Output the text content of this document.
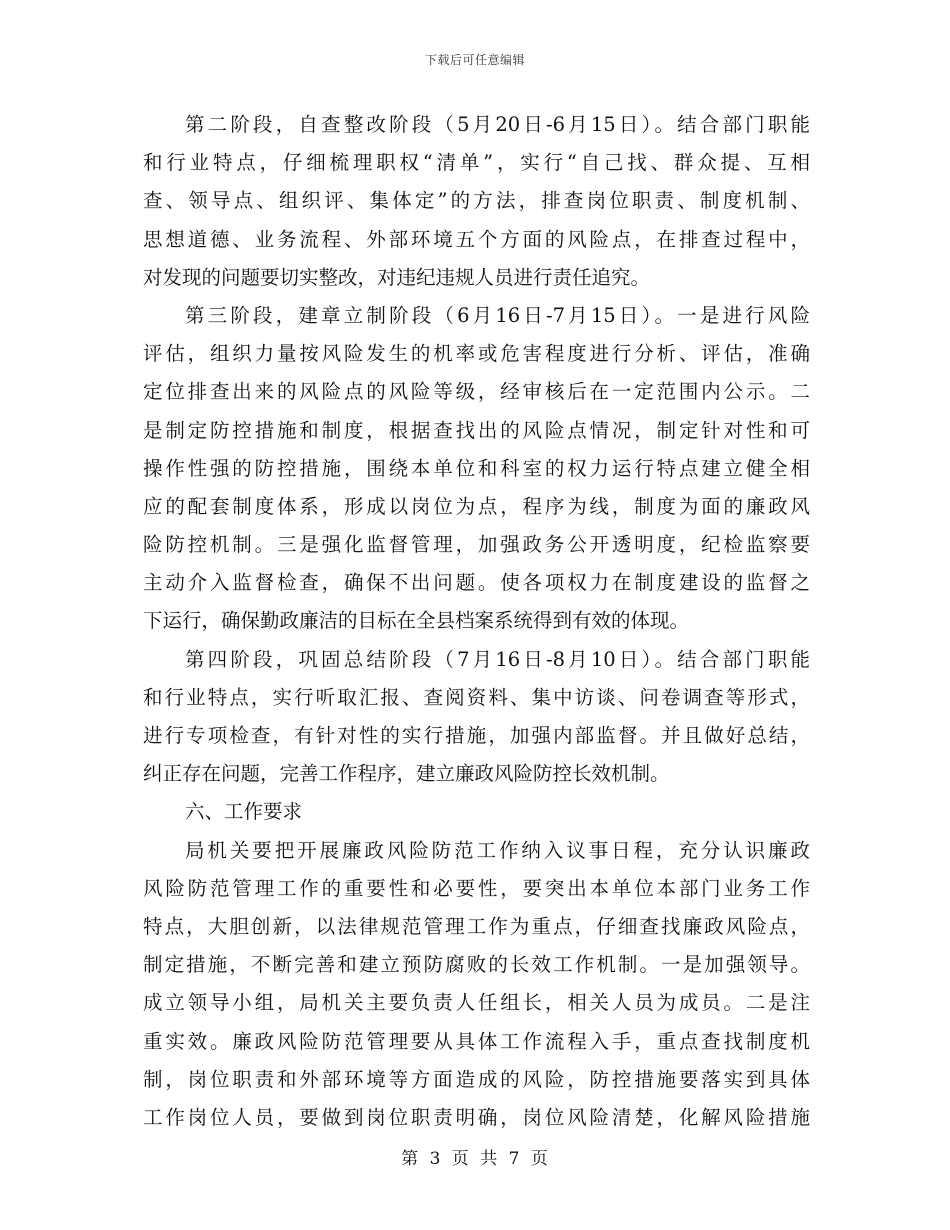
下载后可任意编辑
第二阶段，自查整改阶段（5月20日-6月15日）。结合部门职能
和行业特点，仔细梳理职权“清单”，实行“自己找、群众提、互相
查、领导点、组织评、集体定”的方法，排查岗位职责、制度机制、
思想道德、业务流程、外部环境五个方面的风险点，在排查过程中，
对发现的问题要切实整改，对违纪违规人员进行责任追究。
第三阶段，建章立制阶段（6月16日-7月15日）。一是进行风险
评估，组织力量按风险发生的机率或危害程度进行分析、评估，准确
定位排查出来的风险点的风险等级，经审核后在一定范围内公示。二
是制定防控措施和制度，根据查找出的风险点情况，制定针对性和可
操作性强的防控措施，围绕本单位和科室的权力运行特点建立健全相
应的配套制度体系，形成以岗位为点，程序为线，制度为面的廉政风
险防控机制。三是强化监督管理，加强政务公开透明度，纪检监察要
主动介入监督检查，确保不出问题。使各项权力在制度建设的监督之
下运行，确保勤政廉洁的目标在全县档案系统得到有效的体现。
第四阶段，巩固总结阶段（7月16日-8月10日）。结合部门职能
和行业特点，实行听取汇报、查阅资料、集中访谈、问卷调查等形式，
进行专项检查，有针对性的实行措施，加强内部监督。并且做好总结，
纠正存在问题，完善工作程序，建立廉政风险防控长效机制。
六、工作要求
局机关要把开展廉政风险防范工作纳入议事日程，充分认识廉政
风险防范管理工作的重要性和必要性，要突出本单位本部门业务工作
特点，大胆创新，以法律规范管理工作为重点，仔细查找廉政风险点，
制定措施，不断完善和建立预防腐败的长效工作机制。一是加强领导。
成立领导小组，局机关主要负责人任组长，相关人员为成员。二是注
重实效。廉政风险防范管理要从具体工作流程入手，重点查找制度机
制，岗位职责和外部环境等方面造成的风险，防控措施要落实到具体
工作岗位人员，要做到岗位职责明确，岗位风险清楚，化解风险措施
第 3 页 共 7 页
